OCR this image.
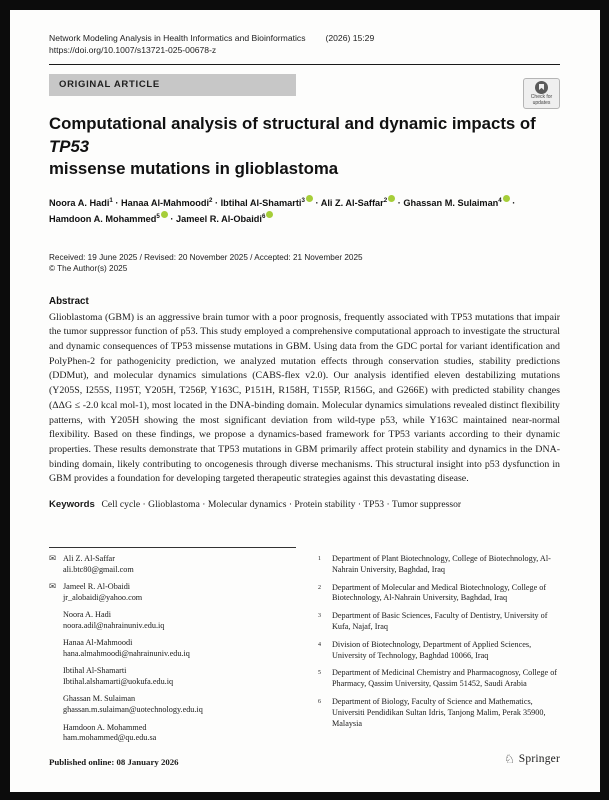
Network Modeling Analysis in Health Informatics and Bioinformatics (2026) 15:29
https://doi.org/10.1007/s13721-025-00678-z
ORIGINAL ARTICLE
Check for updates
Computational analysis of structural and dynamic impacts of TP53
missense mutations in glioblastoma
Noora A. Hadi$^1$ · Hanaa Al-Mahmoodi$^2$ · Ibtihal Al-Shamarti$^3$ · Ali Z. Al-Saffar$^2$ · Ghassan M. Sulaiman$^4$ · Hamdoon A. Mohammed$^5$ · Jameel R. Al-Obaidi$^6$
Received: 19 June 2025 / Revised: 20 November 2025 / Accepted: 21 November 2025
© The Author(s) 2025
Abstract
Glioblastoma (GBM) is an aggressive brain tumor with a poor prognosis, frequently associated with TP53 mutations that impair the tumor suppressor function of p53. This study employed a comprehensive computational approach to investigate the structural and dynamic consequences of TP53 missense mutations in GBM. Using data from the GDC portal for variant identification and PolyPhen-2 for pathogenicity prediction, we analyzed mutation effects through conservation studies, stability predictions (DDMut), and molecular dynamics simulations (CABS-flex v2.0). Our analysis identified eleven destabilizing mutations (Y205S, I255S, I195T, Y205H, T256P, Y163C, P151H, R158H, T155P, R156G, and G266E) with predicted stability changes (ΔΔG ≤ -2.0 kcal mol-1), most located in the DNA-binding domain. Molecular dynamics simulations revealed distinct flexibility patterns, with Y205H showing the most significant deviation from wild-type p53, while Y163C maintained near-normal flexibility. Based on these findings, we propose a dynamics-based framework for TP53 variants according to their dynamic properties. These results demonstrate that TP53 mutations in GBM primarily affect protein stability and dynamics in the DNA-binding domain, likely contributing to oncogenesis through diverse mechanisms. This structural insight into p53 dysfunction in GBM provides a foundation for developing targeted therapeutic strategies against this devastating disease.
Keywords Cell cycle · Glioblastoma · Molecular dynamics · Protein stability · TP53 · Tumor suppressor
✉ Ali Z. Al-Saffar
ali.btc80@gmail.com
✉ Jameel R. Al-Obaidi
jr_alobaidi@yahoo.com
Noora A. Hadi
noora.adil@nahrainuniv.edu.iq
Hanaa Al-Mahmoodi
hana.almahmoodi@nahrainuniv.edu.iq
Ibtihal Al-Shamarti
Ibtihal.alshamarti@uokufa.edu.iq
Ghassan M. Sulaiman
ghassan.m.sulaiman@uotechnology.edu.iq
Hamdoon A. Mohammed
ham.mohammed@qu.edu.sa
1 Department of Plant Biotechnology, College of Biotechnology, Al-Nahrain University, Baghdad, Iraq
2 Department of Molecular and Medical Biotechnology, College of Biotechnology, Al-Nahrain University, Baghdad, Iraq
3 Department of Basic Sciences, Faculty of Dentistry, University of Kufa, Najaf, Iraq
4 Division of Biotechnology, Department of Applied Sciences, University of Technology, Baghdad 10066, Iraq
5 Department of Medicinal Chemistry and Pharmacognosy, College of Pharmacy, Qassim University, Qassim 51452, Saudi Arabia
6 Department of Biology, Faculty of Science and Mathematics, Universiti Pendidikan Sultan Idris, Tanjong Malim, Perak 35900, Malaysia
Published online: 08 January 2026	♘ Springer
